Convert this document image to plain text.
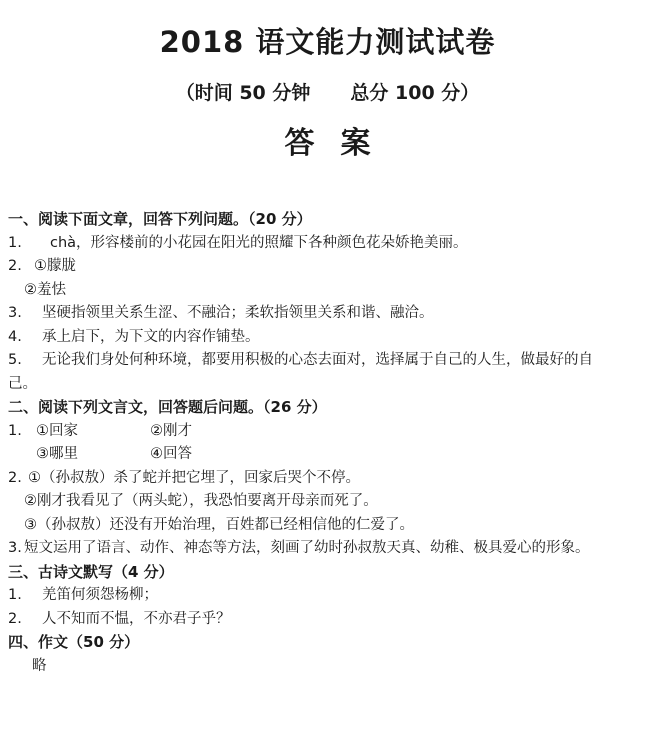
2018 语文能力测试试卷
（时间 50 分钟 总分 100 分）
答案
一、阅读下面文章，回答下列问题。（20 分）
1. chà，形容楼前的小花园在阳光的照耀下各种颜色花朵娇艳美丽。
2. ①朦胧
②羞怯
3. 坚硬指领里关系生涩、不融洽；柔软指领里关系和谐、融洽。
4. 承上启下，为下文的内容作铺垫。
5. 无论我们身处何种环境，都要用积极的心态去面对，选择属于自己的人生，做最好的自
己。
二、阅读下列文言文，回答题后问题。（26 分）
1. ①回家	②刚才
③哪里	④回答
2. ①（孙叔敖）杀了蛇并把它埋了，回家后哭个不停。
②刚才我看见了（两头蛇），我恐怕要离开母亲而死了。
③（孙叔敖）还没有开始治理，百姓都已经相信他的仁爱了。
3. 短文运用了语言、动作、神态等方法，刻画了幼时孙叔敖天真、幼稚、极具爱心的形象。
三、古诗文默写（4 分）
1. 羌笛何须怨杨柳；
2. 人不知而不愠，不亦君子乎？
四、作文（50 分）
略
